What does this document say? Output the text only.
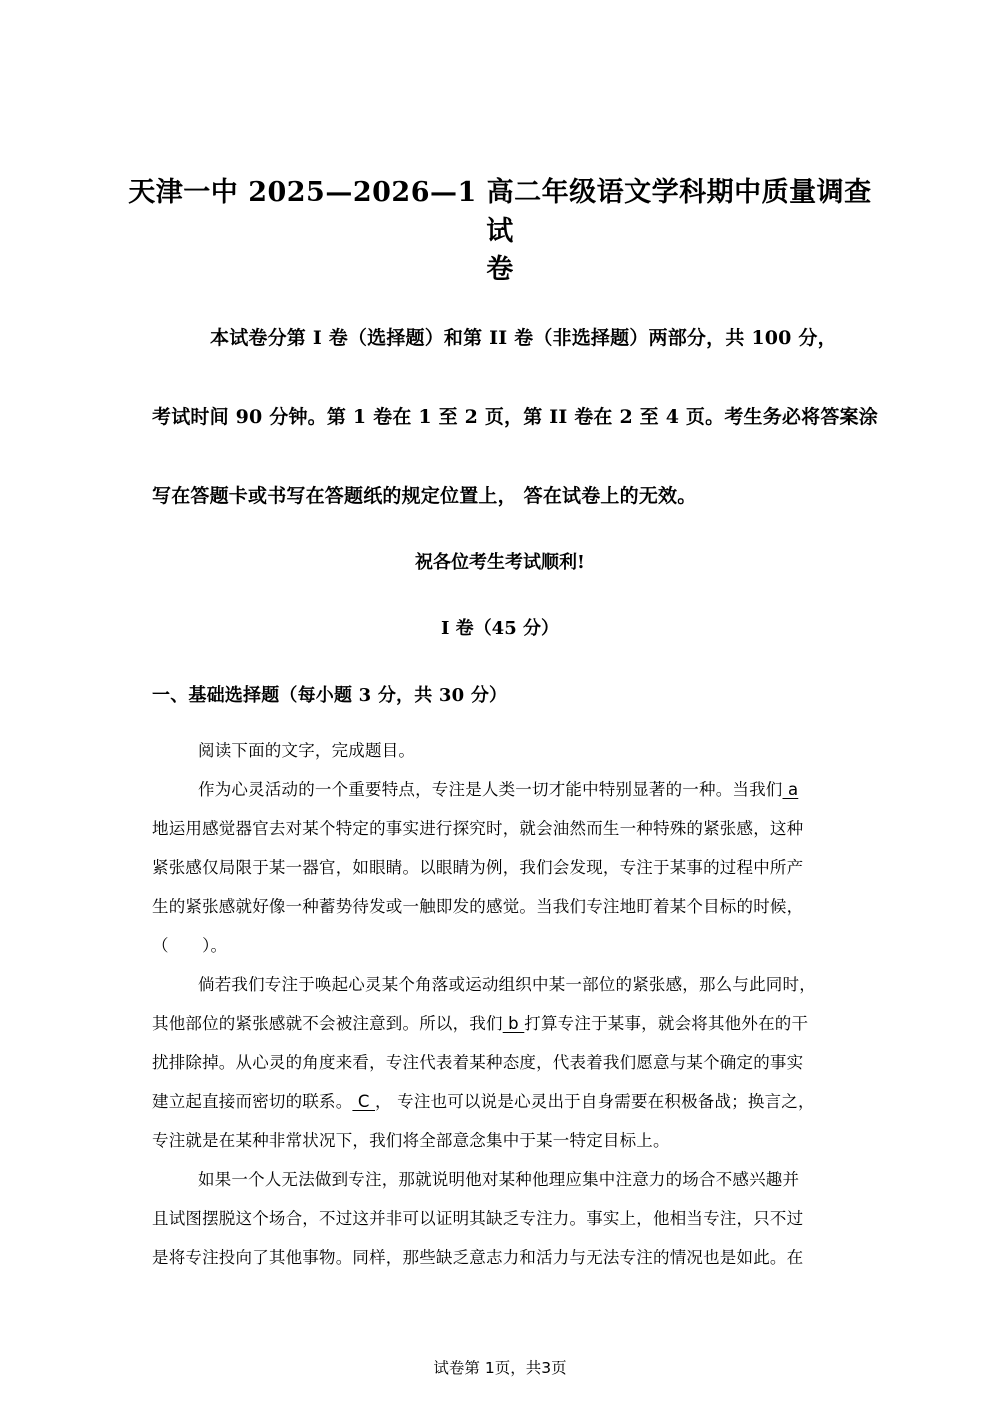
天津一中 2025—2026—1 高二年级语文学科期中质量调查试
卷
本试卷分第 I 卷（选择题）和第 II 卷（非选择题）两部分，共 100 分，
考试时间 90 分钟。第 1 卷在 1 至 2 页，第 II 卷在 2 至 4 页。考生务必将答案涂
写在答题卡或书写在答题纸的规定位置上， 答在试卷上的无效。
祝各位考生考试顺利!
I 卷（45 分）
一、基础选择题（每小题 3 分，共 30 分）
阅读下面的文字，完成题目。
作为心灵活动的一个重要特点，专注是人类一切才能中特别显著的一种。当我们 a
地运用感觉器官去对某个特定的事实进行探究时，就会油然而生一种特殊的紧张感，这种
紧张感仅局限于某一器官，如眼睛。以眼睛为例，我们会发现，专注于某事的过程中所产
生的紧张感就好像一种蓄势待发或一触即发的感觉。当我们专注地盯着某个目标的时候，
（　　）。
倘若我们专注于唤起心灵某个角落或运动组织中某一部位的紧张感，那么与此同时，
其他部位的紧张感就不会被注意到。所以，我们 b 打算专注于某事，就会将其他外在的干
扰排除掉。从心灵的角度来看，专注代表着某种态度，代表着我们愿意与某个确定的事实
建立起直接而密切的联系。 C ， 专注也可以说是心灵出于自身需要在积极备战；换言之，
专注就是在某种非常状况下，我们将全部意念集中于某一特定目标上。
如果一个人无法做到专注，那就说明他对某种他理应集中注意力的场合不感兴趣并
且试图摆脱这个场合，不过这并非可以证明其缺乏专注力。事实上，他相当专注，只不过
是将专注投向了其他事物。同样，那些缺乏意志力和活力与无法专注的情况也是如此。在
试卷第 1页，共3页
